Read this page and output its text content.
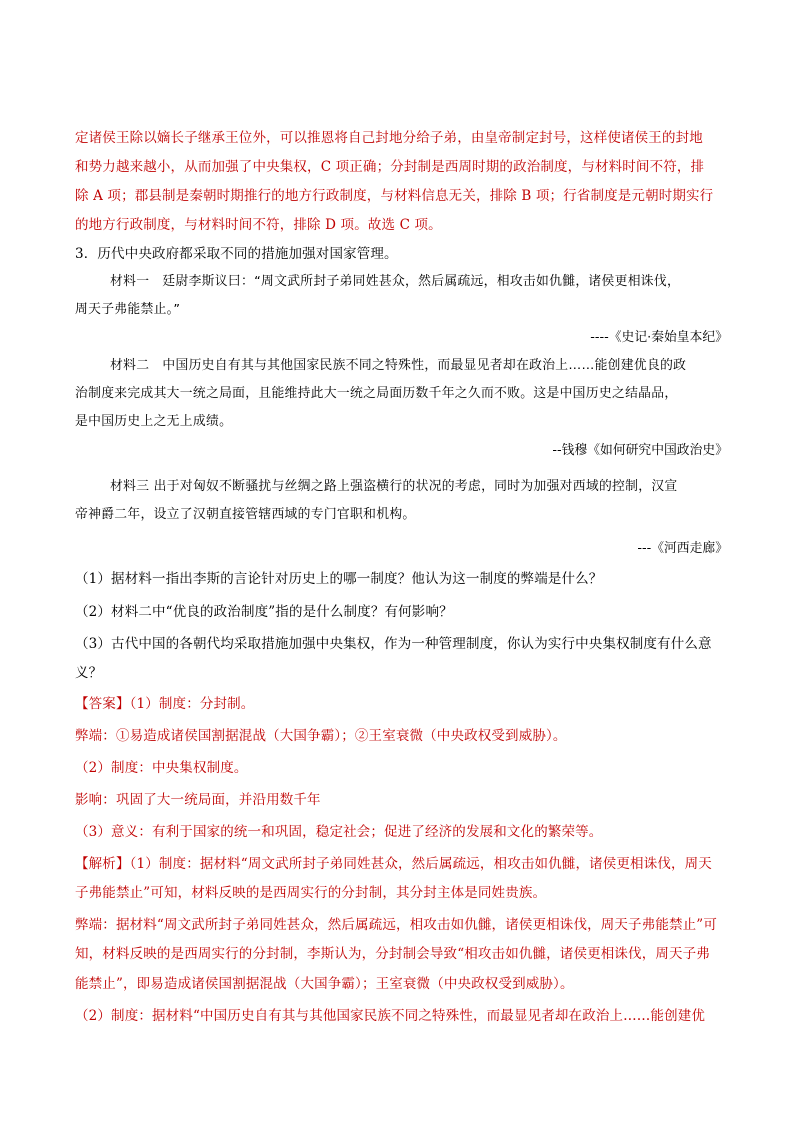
定诸侯王除以嫡长子继承王位外，可以推恩将自己封地分给子弟，由皇帝制定封号，这样使诸侯王的封地
和势力越来越小，从而加强了中央集权，C 项正确；分封制是西周时期的政治制度，与材料时间不符，排
除 A 项；郡县制是秦朝时期推行的地方行政制度，与材料信息无关，排除 B 项；行省制度是元朝时期实行
的地方行政制度，与材料时间不符，排除 D 项。故选 C 项。
3．历代中央政府都采取不同的措施加强对国家管理。
材料一　廷尉李斯议曰：“周文武所封子弟同姓甚众，然后属疏远，相攻击如仇雠，诸侯更相诛伐，
周天子弗能禁止。”
----《史记·秦始皇本纪》
材料二　中国历史自有其与其他国家民族不同之特殊性，而最显见者却在政治上……能创建优良的政
治制度来完成其大一统之局面，且能维持此大一统之局面历数千年之久而不败。这是中国历史之结晶品，
是中国历史上之无上成绩。
--钱穆《如何研究中国政治史》
材料三 出于对匈奴不断骚扰与丝绸之路上强盗横行的状况的考虑，同时为加强对西域的控制，汉宣
帝神爵二年，设立了汉朝直接管辖西域的专门官职和机构。
---《河西走廊》
（1）据材料一指出李斯的言论针对历史上的哪一制度？他认为这一制度的弊端是什么？
（2）材料二中“优良的政治制度”指的是什么制度？有何影响？
（3）古代中国的各朝代均采取措施加强中央集权，作为一种管理制度，你认为实行中央集权制度有什么意
义？
【答案】（1）制度：分封制。
弊端：①易造成诸侯国割据混战（大国争霸）；②王室衰微（中央政权受到威胁）。
（2）制度：中央集权制度。
影响：巩固了大一统局面，并沿用数千年
（3）意义：有利于国家的统一和巩固，稳定社会；促进了经济的发展和文化的繁荣等。
【解析】（1）制度：据材料“周文武所封子弟同姓甚众，然后属疏远，相攻击如仇雠，诸侯更相诛伐，周天
子弗能禁止”可知，材料反映的是西周实行的分封制，其分封主体是同姓贵族。
弊端：据材料“周文武所封子弟同姓甚众，然后属疏远，相攻击如仇雠，诸侯更相诛伐，周天子弗能禁止”可
知，材料反映的是西周实行的分封制，李斯认为，分封制会导致“相攻击如仇雠，诸侯更相诛伐，周天子弗
能禁止”，即易造成诸侯国割据混战（大国争霸）；王室衰微（中央政权受到威胁）。
（2）制度：据材料“中国历史自有其与其他国家民族不同之特殊性，而最显见者却在政治上……能创建优
